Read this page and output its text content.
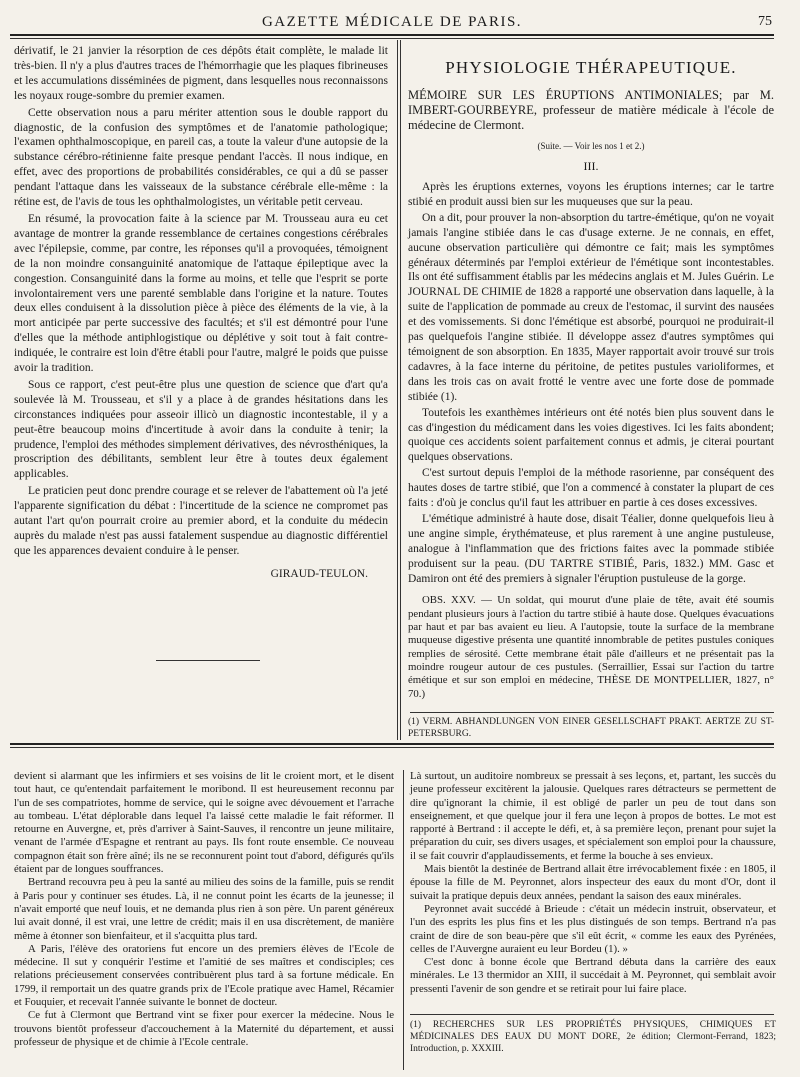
GAZETTE MÉDICALE DE PARIS.	75

dérivatif, le 21 janvier la résorption de ces dépôts était complète, le malade lit très-bien. Il n'y a plus d'autres traces de l'hémorrhagie que les plaques fibrineuses et les accumulations disséminées de pigment, dans lesquelles nous reconnaissons les noyaux rouge-sombre du premier examen.

Cette observation nous a paru mériter attention sous le double rapport du diagnostic, de la confusion des symptômes et de l'anatomie pathologique; l'examen ophthalmoscopique, en pareil cas, a toute la valeur d'une autopsie de la substance cérébro-rétinienne faite presque pendant l'accès. Il nous indique, en effet, avec des proportions de probabilités considérables, ce qui a dû se passer pendant l'attaque dans les vaisseaux de la substance cérébrale elle-même : la rétine est, de l'avis de tous les ophthalmologistes, un véritable petit cerveau.

En résumé, la provocation faite à la science par M. Trousseau aura eu cet avantage de montrer la grande ressemblance de certaines congestions cérébrales avec l'épilepsie, comme, par contre, les réponses qu'il a provoquées, témoignent de la non moindre consanguinité anatomique de l'attaque épileptique avec la congestion. Consanguinité dans la forme au moins, et telle que l'esprit se porte involontairement vers une parenté semblable dans l'origine et la nature. Toutes deux elles conduisent à la dissolution pièce à pièce des éléments de la vie, à la mort anticipée par perte successive des facultés; et s'il est démontré pour l'une d'elles que la méthode antiphlogistique ou déplétive y soit tout à fait contre-indiquée, le contraire est loin d'être établi pour l'autre, malgré le poids que puisse avoir la tradition.

Sous ce rapport, c'est peut-être plus une question de science que d'art qu'a soulevée là M. Trousseau, et s'il y a place à de grandes hésitations dans les circonstances indiquées pour asseoir illicò un diagnostic incontestable, il y a peut-être beaucoup moins d'incertitude à avoir dans la conduite à tenir; la prudence, l'emploi des méthodes simplement dérivatives, des névrosthéniques, la proscription des débilitants, semblent leur être à toutes deux également applicables.

Le praticien peut donc prendre courage et se relever de l'abattement où l'a jeté l'apparente signification du débat : l'incertitude de la science ne compromet pas autant l'art qu'on pourrait croire au premier abord, et la conduite du médecin auprès du malade n'est pas aussi fatalement suspendue au diagnostic différentiel que les apparences devaient conduire à le penser.

GIRAUD-TEULON.

PHYSIOLOGIE THÉRAPEUTIQUE.

MÉMOIRE SUR LES ÉRUPTIONS ANTIMONIALES; par M. IMBERT-GOURBEYRE, professeur de matière médicale à l'école de médecine de Clermont.

(Suite. — Voir les nos 1 et 2.)

III.

Après les éruptions externes, voyons les éruptions internes; car le tartre stibié en produit aussi bien sur les muqueuses que sur la peau.

On a dit, pour prouver la non-absorption du tartre-émétique, qu'on ne voyait jamais l'angine stibiée dans le cas d'usage externe. Je ne connais, en effet, aucune observation particulière qui démontre ce fait; mais les symptômes généraux déterminés par l'emploi extérieur de l'émétique sont incontestables. Ils ont été suffisamment établis par les médecins anglais et M. Jules Guérin. Le JOURNAL DE CHIMIE de 1828 a rapporté une observation dans laquelle, à la suite de l'application de pommade au creux de l'estomac, il survint des nausées et des vomissements. Si donc l'émétique est absorbé, pourquoi ne produirait-il pas quelquefois l'angine stibiée. Il développe assez d'autres symptômes qui témoignent de son absorption. En 1835, Mayer rapportait avoir trouvé sur trois cadavres, à la face interne du péritoine, de petites pustules varioliformes, et dans les trois cas on avait frotté le ventre avec une forte dose de pommade stibiée (1).

Toutefois les exanthèmes intérieurs ont été notés bien plus souvent dans le cas d'ingestion du médicament dans les voies digestives. Ici les faits abondent; quoique ces accidents soient parfaitement connus et admis, je citerai pourtant quelques observations.

C'est surtout depuis l'emploi de la méthode rasorienne, par conséquent des hautes doses de tartre stibié, que l'on a commencé à constater la plupart de ces faits : d'où je conclus qu'il faut les attribuer en partie à ces doses excessives.

L'émétique administré à haute dose, disait Téalier, donne quelquefois lieu à une angine simple, érythémateuse, et plus rarement à une angine pustuleuse, analogue à l'inflammation que des frictions faites avec la pommade stibiée produisent sur la peau. (DU TARTRE STIBIÉ, Paris, 1832.) MM. Gasc et Damiron ont été des premiers à signaler l'éruption pustuleuse de la gorge.

OBS. XXV. — Un soldat, qui mourut d'une plaie de tête, avait été soumis pendant plusieurs jours à l'action du tartre stibié à haute dose. Quelques évacuations par haut et par bas avaient eu lieu. A l'autopsie, toute la surface de la membrane muqueuse digestive présenta une quantité innombrable de petites pustules coniques remplies de sérosité. Cette membrane était pâle d'ailleurs et ne présentait pas la moindre rougeur autour de ces pustules. (Serraillier, Essai sur l'action du tartre émétique et sur son emploi en médecine, THÈSE DE MONTPELLIER, 1827, n° 70.)

(1) VERM. ABHANDLUNGEN VON EINER GESELLSCHAFT PRAKT. AERTZE ZU ST-PETERSBURG.

devient si alarmant que les infirmiers et ses voisins de lit le croient mort, et le disent tout haut, ce qu'entendait parfaitement le moribond. Il est heureusement reconnu par l'un de ses compatriotes, homme de service, qui le soigne avec dévouement et l'arrache au tombeau. L'état déplorable dans lequel l'a laissé cette maladie le fait réformer. Il retourne en Auvergne, et, près d'arriver à Saint-Sauves, il rencontre un jeune militaire, venant de l'armée d'Espagne et rentrant au pays. Ils font route ensemble. Ce nouveau compagnon était son frère aîné; ils ne se reconnurent point tout d'abord, défigurés qu'ils étaient par de longues souffrances.

Bertrand recouvra peu à peu la santé au milieu des soins de la famille, puis se rendit à Paris pour y continuer ses études. Là, il ne connut point les écarts de la jeunesse; il n'avait emporté que neuf louis, et ne demanda plus rien à son père. Un parent généreux lui avait donné, il est vrai, une lettre de crédit; mais il en usa discrètement, de manière même à étonner son bienfaiteur, et il s'acquitta plus tard.

A Paris, l'élève des oratoriens fut encore un des premiers élèves de l'Ecole de médecine. Il sut y conquérir l'estime et l'amitié de ses maîtres et condisciples; ces relations précieusement conservées contribuèrent plus tard à sa fortune médicale. En 1799, il remportait un des quatre grands prix de l'Ecole pratique avec Hamel, Récamier et Fouquier, et recevait l'année suivante le bonnet de docteur.

Ce fut à Clermont que Bertrand vint se fixer pour exercer la médecine. Nous le trouvons bientôt professeur d'accouchement à la Maternité du département, et aussi professeur de physique et de chimie à l'Ecole centrale.

Là surtout, un auditoire nombreux se pressait à ses leçons, et, partant, les succès du jeune professeur excitèrent la jalousie. Quelques rares détracteurs se permettent de dire qu'ignorant la chimie, il est obligé de parler un peu de tout dans son enseignement, et que quelque jour il fera une leçon à propos de bottes. Le mot est rapporté à Bertrand : il accepte le défi, et, à sa première leçon, prenant pour sujet la préparation du cuir, ses divers usages, et spécialement son emploi pour la chaussure, il se fait couvrir d'applaudissements, et ferme la bouche à ses envieux.

Mais bientôt la destinée de Bertrand allait être irrévocablement fixée : en 1805, il épouse la fille de M. Peyronnet, alors inspecteur des eaux du mont d'Or, dont il suivait la pratique depuis deux années, pendant la saison des eaux minérales.

Peyronnet avait succédé à Brieude : c'était un médecin instruit, observateur, et l'un des esprits les plus fins et les plus distingués de son temps. Bertrand n'a pas craint de dire de son beau-père que s'il eût écrit, « comme les eaux des Pyrénées, celles de l'Auvergne auraient eu leur Bordeu (1). »

C'est donc à bonne école que Bertrand débuta dans la carrière des eaux minérales. Le 13 thermidor an XIII, il succédait à M. Peyronnet, qui semblait avoir pressenti l'avenir de son gendre et se retirait pour lui faire place.

(1) RECHERCHES SUR LES PROPRIÉTÉS PHYSIQUES, CHIMIQUES ET MÉDICINALES DES EAUX DU MONT DORE, 2e édition; Clermont-Ferrand, 1823; Introduction, p. XXXIII.
